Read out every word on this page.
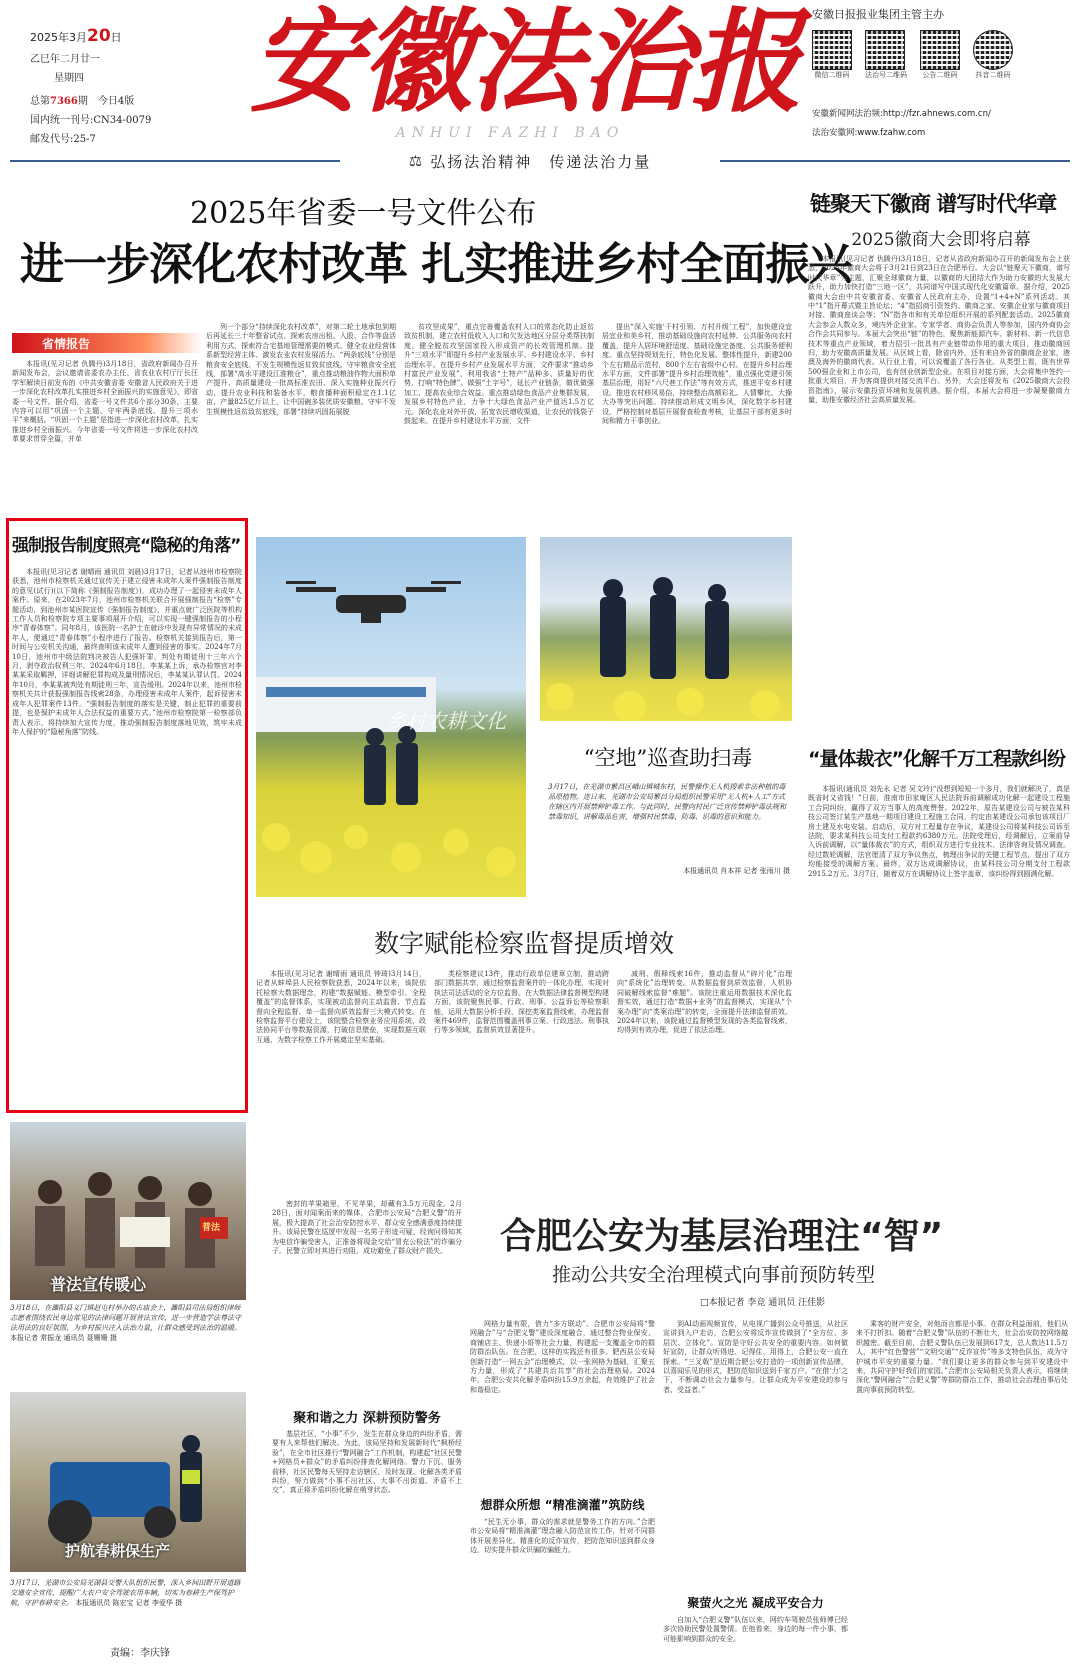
2025年3月20日
乙巳年二月廿一
星期四
总第7366期　今日4版
国内统一刊号:CN34-0079
邮发代号:25-7
安徽法治报
ANHUI FAZHI BAO
安徽日报报业集团主管主办
微信二维码	法治号二维码	公告二维码	抖音二维码
安徽新闻网法治频:http://fzr.ahnews.com.cn/
法治安徽网:www.fzahw.com
⚖ 弘扬法治精神　传递法治力量
2025年省委一号文件公布
进一步深化农村改革 扎实推进乡村全面振兴
省情报告

本报讯(见习记者 仇腾丹)3月18日，省政府新闻办召开新闻发布会，会议邀请省委农办主任、省农业农村厅厅长汪学军解读日前发布的《中共安徽省委 安徽省人民政府关于进一步深化农村改革扎实推进乡村全面振兴的实施意见》，即省委一号文件。据介绍，省委一号文件共6个部分30条，主要内容可以用“巩固一个主题、守牢两条底线、提升三项水平”来概括。“巩固一个主题”是指进一步深化农村改革，扎实推进乡村全面振兴。今年省委一号文件将进一步深化农村改革要求贯穿全篇，并单

列一个部分“持续深化农村改革”，对第二轮土地承包到期后再延长三十年整省试点、探索农房出租、入股、合作等盘活利用方式、探索符合宅基地管理需要的模式、健全农业经营体系新型经营主体、激发农业农村发展活力。“两条底线”分别是粮食安全底线、不发生规模性返贫致贫底线。守牢粮食安全底线，部署“高水平建设江淮粮仓”，重点推动粮油作物大面积单产提升、高质量建设一批高标准农田、深入实施种业振兴行动，提升农业科技和装备水平，粮食播种面积稳定在1.1亿亩、产量825亿斤以上，让中国碗多装优质安徽粮。守牢不发生规模性返贫致贫底线，部署“持续巩固拓展脱

贫攻坚成果”，重点完善覆盖农村人口的常态化防止返贫致贫机制，建立农村低收入人口和欠发达地区分层分类帮扶制度，健全脱贫攻坚国家投入形成资产的长效管理机制。提升“三项水平”即提升乡村产业发展水平、乡村建设水平、乡村治理水平。在提升乡村产业发展水平方面，文件要求“推动乡村富民产业发展”，利用我省“土特产”品种多、质量好的优势，打响“特色牌”、做强“土字号”，延长产业链条，做优做强加工、提高农业综合效益。重点推动绿色食品产业集群发展，发展乡村特色产业，力争十大绿色食品产业产值达1.5万亿元。深化农业对外开放，拓宽农民增收渠道，让农民的钱袋子鼓起来。在提升乡村建设水平方面，文件

提出“深入实施‘千村引领、万村升级’工程”，加快建设宜居宜业和美乡村，推动基础设施向农村延伸、公共服务向农村覆盖，提升人居环境舒适度、基础设施完备度、公共服务便利度。重点坚持规划先行，特色化发展、整体性提升，新建200个左右精品示范村，800个左右省级中心村。在提升乡村治理水平方面，文件部署“提升乡村治理效能”，重点强化党建引领基层治理，用好“六尺巷工作法”等有效方式，推进平安乡村建设。推进农村移风易俗，持续整治高额彩礼、人情攀比、大操大办等突出问题。持续推动形成文明乡风，深化数字乡村建设，严格控制对基层开展督查检查考核，让基层干部有更多时间和精力干事创业。

链聚天下徽商 谱写时代华章
2025徽商大会即将启幕

本报讯(见习记者 仇腾丹)3月18日，记者从省政府新闻办召开的新闻发布会上获悉，2025年徽商大会将于3月21日到23日在合肥举行。大会以“链聚天下徽商，谱写时代华章”为主题，汇聚全球徽商力量，以徽商的大团结大作为助力安徽的大发展大跃升，助力加快打造“三地一区”，共同谱写中国式现代化安徽篇章。据介绍，2025徽商大会由中共安徽省委、安徽省人民政府主办，设置“1+4+N”系列活动。其中“1”指开幕式暨主旨论坛；“4”指招商引资签约、徽商之家、安徽企业家与徽商项目对接、徽商座谈会等；“N”指各市和有关单位组织开展的系列配套活动。2025徽商大会参会人数众多，境内外企业家、专家学者、商协会负责人等参加，国内外商协会合作会共同参与。本届大会突出“链”的特色，聚焦新能源汽车、新材料、新一代信息技术等重点产业领域，着力招引一批具有产业链带动作用的重大项目，推动徽商回归，助力安徽高质量发展。从区域上看，除省内外，还有来自外省的徽商企业家，港澳及海外的徽商代表。从行业上看，可以说覆盖了各行各业。从类型上看，既有世界500强企业和上市公司，也有创业创新型企业。在项目对接方面，大会将集中签约一批重大项目，并为客商提供对接交流平台。另外，大会还将发布《2025徽商大会投资指南》，展示安徽投资环境和发展机遇。据介绍，本届大会将进一步凝聚徽商力量，助推安徽经济社会高质量发展。

“量体裁衣”化解千万工程款纠纷

本报讯(通讯员 刘先永 记者 吴文玲)“没想到短短一个多月，我们就解决了，真是既省时又省钱！”日前，淮南市田家庵区人民法院诉前调解成功化解一起建设工程施工合同纠纷，赢得了双方当事人的高度赞誉。2022年，原告某建设公司与被告某科技公司签订某生产基地一期项目建设工程施工合同，约定由某建设公司承包该项目厂房土建及水电安装。启动后，双方对工程量存在争议，某建设公司将某科技公司诉至法院，要求某科技公司支付工程款约6380万元。法院受理后，经调解后，立案前导入诉前调解，以“量体裁衣”的方式，组织双方进行专业技术、法律咨询及情况调查。经过数轮调解，法官厘清了双方争议焦点，梳理出争议的关键工程节点，提出了双方均能接受的调解方案。最终，双方达成调解协议，由某科技公司分期支付工程款2915.2万元。3月7日，随着双方在调解协议上签字盖章，该纠纷得到圆满化解。

强制报告制度照亮“隐秘的角落”

本报讯(见习记者 谢晴雨 通讯员 刘晨)3月17日，记者从池州市检察院获悉，池州市检察机关通过宣传关于建立侵害未成年人案件强制报告制度的意见(试行)(以下简称《强制报告制度》)，成功办理了一起侵害未成年人案件。原来，在2023年7月，池州市检察机关联合开展强制报告“检察”专题活动，到池州市某医院宣传《强制报告制度》，并重点就广泛医院等机构工作人员和检察院专项主要事项展开介绍，可以实现一键强制报告的小程序“青春体察”。同年8月，该医院一名护士在就诊中发现有异常情况的未成年人，便通过“青春体察”小程序进行了报告。检察机关接到报告后，第一时间与公安机关沟通，最终查明该未成年人遭到侵害的事实。2024年7月10日，池州市中级法院判决被告人犯强奸罪，判处有期徒刑十三年六个月，剥夺政治权利三年。2024年6月18日，李某某上诉，承办检察官对李某某采取羁押，详细讲解犯罪构成及量刑情况后，李某某认罪认罚。2024年10月，李某某被判处有期徒刑三年，宣告缓刑。2024年以来，池州市检察机关共计获报强制报告线索28条，办理侵害未成年人案件，起诉侵害未成年人犯罪案件13件。“强制报告制度的落实是关键，制止犯罪的重要前提，也是保护未成年人合法权益的重要方式。”池州市检察院第一检察部负责人表示，将持续加大宣传力度，推动强制报告制度落地见效，筑牢未成年人保护的“隐秘角落”防线。	乡村农耕文化
“空地”巡查助扫毒
3月17日，在芜湖市繁昌区峨山镇城东村，民警操作无人机搜索非法种植的毒品原植物。连日来，芜湖市公安局繁昌分局组织民警采用“无人机+人工”方式在辖区内开展禁种铲毒工作。与此同时，民警向村民广泛宣传禁种铲毒法规和禁毒知识，讲解毒品危害，增强村民禁毒、防毒、识毒的意识和能力。
本报通讯员 肖本祥 记者 张雨川 摄
数字赋能检察监督提质增效

本报讯(见习记者 谢晴雨 通讯员 钟琦)3月14日，记者从蚌埠县人民检察院获悉，2024年以来，该院依托检察大数据理念，构建“数据赋能、模型牵引、全程覆盖”的监督体系，实现被动监督向主动监督、节点监督向全程监督、单一监督向质效监督三大模式转变。在检察监督平台建设上，该院整合检察业务应用系统、政法协同平台等数据资源，打破信息壁垒，实现数据互联互通，为数字检察工作开展奠定坚实基础。

类检察建议13件，推动行政单位建章立制，推动跨部门数据共享，通过检察监督案件的一体化办理，实现对执法司法活动的全方位监督。在大数据法律监督模型构建方面，该院聚焦民事、行政、刑事、公益诉讼等检察职能，运用大数据分析手段，深挖类案监督线索，办理监督案件469件，监督范围覆盖刑事立案、行政违法、刑事执行等多领域，监督质效显著提升。

减刑、假释线索16件，推动监督从“碎片化”治理向“系统化”治理转变。从数据监督到质效监督，人机协同破解线索监督“难题”。该院注重运用数据技术深化监督实效，通过打造“数据+业务”的监督模式，实现从“个案办理”向“类案治理”的转变，全面提升法律监督质效。2024年以来，该院通过监督模型发现的各类监督线索，均得到有效办理，促进了依法治理。

普法
普法宣传暖心
3月18日，在濉阳县义门镇赵屯村举办的古庙会上，濉阳县司法局组织律师志愿者围绕农民身边常见的法律问题开展普法宣传，进一步营造学法尊法守法用法的良好氛围，为乡村振兴注入法治力量，让群众感受到法治的温暖。 本报记者 常振龙 通讯员 聂姗姗 摄
护航春耕保生产
3月17日，芜湖市公安局芜湖县交警大队组织民警，深入乡间田野开展道路交通安全宣传，提醒广大农户安全驾驶农用车辆，切实为春耕生产保驾护航，守护春耕安全。 本报通讯员 陈宏宝 记者 李爱华 摄
合肥公安为基层治理注“智”
推动公共安全治理模式向事前预防转型
□本报记者 李竞 通讯员 汪佳影

密封的苹果箱里，不见苹果，却藏有3.5万元现金。2月28日，面对闻案而来的媒体，合肥市公安局“合肥义警”的开展，极大提高了社会治安防控水平，群众安全感满意度持续提升。该局民警在巡逻中发现一名男子形迹可疑，经询问得知其为电信诈骗受害人，正准备将现金交给“冒充公检法”的诈骗分子。民警立即对其进行劝阻，成功避免了群众财产损失。

聚和谐之力 深耕预防警务

基层社区，“小事”不少，发生在群众身边的纠纷矛盾，需要有人来帮他们解决。为此，该局坚持和发展新时代“枫桥经验”，在全市社区推行“警网融合”工作机制，构建起“社区民警+网格员+群众”的矛盾纠纷排查化解网络。警力下沉、服务前移，社区民警每天坚持走访辖区，及时发现、化解各类矛盾纠纷，努力做到“小事不出社区、大事不出街道、矛盾不上交”，真正将矛盾纠纷化解在萌芽状态。

网格力量有限，借力“多方联动”。合肥市公安局将“警网融合”与“合肥义警”建设深度融合，通过整合物业保安、商铺店主、快递小哥等社会力量，构建起一支覆盖全市的群防群治队伍。在合肥，这样的实践还有很多。肥西县公安局创新打造“一网五会”治理模式，以一张网格为基础，汇聚五方力量，形成了“共建共治共享”的社会治理格局。2024年，合肥公安共化解矛盾纠纷15.9万余起，有效维护了社会和谐稳定。

想群众所想 “精准滴灌”筑防线

“民生无小事，群众的需求就是警务工作的方向。”合肥市公安局将“精准滴灌”理念融入防范宣传工作，针对不同群体开展差异化、精准化的反诈宣传，把防范知识送到群众身边，切实提升群众识骗防骗能力。

到AI动画视频宣传，从电视广播到公众号推送，从社区宣讲到入户走访，合肥公安将反诈宣传做到了“全方位、多层次、立体化”。宣防是守好公共安全的重要内容。如何做好宣防，让群众听得进、记得住、用得上，合肥公安一直在探索。“三叉戟”是近期合肥公安打造的一项创新宣传品牌，以喜闻乐见的形式，把防范知识送到千家万户。“在借‘力’之下，不断调动社会力量参与，让群众成为平安建设的参与者、受益者。”

聚萤火之光 凝成平安合力

自加入“合肥义警”队伍以来，网约车驾驶员张师傅已经多次协助民警处置警情。在他看来，身边的每一件小事，都可能影响到群众的安全。

乘客的财产安全，对他而言都是小事。在群众利益面前，他们从来不打折扣。随着“合肥义警”队伍的不断壮大，社会治安防控网络越织越密。截至目前，合肥义警队伍已发展到617支，总人数达11.5万人，其中“红色警营”“文明交通”“反诈宣传”等多支特色队伍，成为守护城市平安的重要力量。“我们要让更多的群众参与到平安建设中来，共同守护好我们的家园。”合肥市公安局相关负责人表示，将继续深化“警网融合”“合肥义警”等群防群治工作，推动社会治理由事后处置向事前预防转型。

责编：李庆锋
